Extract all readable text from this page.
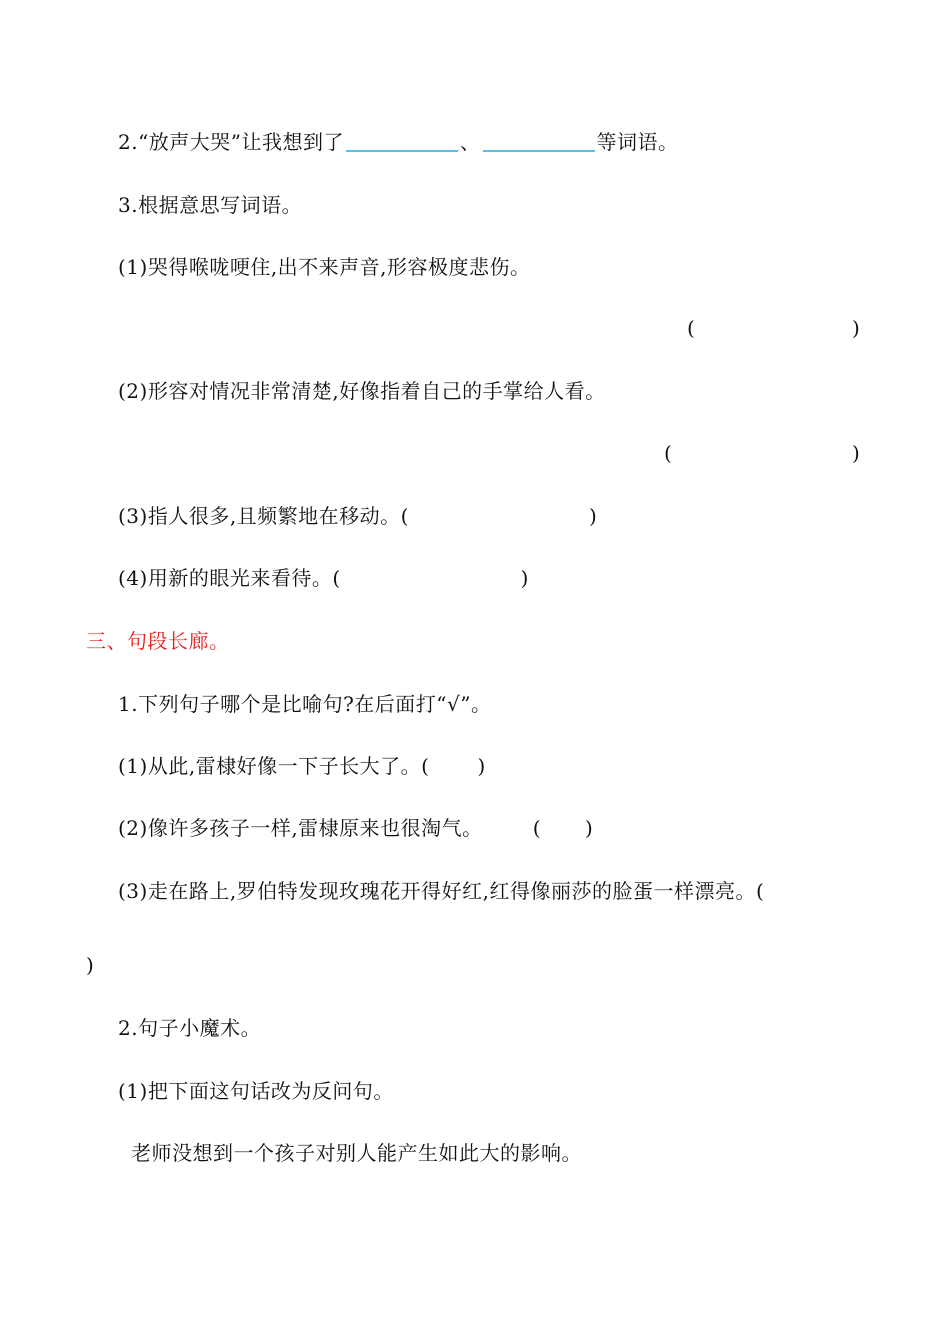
2.“放声大哭”让我想到了	、	等词语。
3.根据意思写词语。
(1)哭得喉咙哽住,出不来声音,形容极度悲伤。
(	)
(2)形容对情况非常清楚,好像指着自己的手掌给人看。
(	)
(3)指人很多,且频繁地在移动。(	)
(4)用新的眼光来看待。(	)
三、句段长廊。
1.下列句子哪个是比喻句?在后面打“√”。
(1)从此,雷棣好像一下子长大了。( )
(2)像许多孩子一样,雷棣原来也很淘气。	( )
(3)走在路上,罗伯特发现玫瑰花开得好红,红得像丽莎的脸蛋一样漂亮。(
)
2.句子小魔术。
(1)把下面这句话改为反问句。
老师没想到一个孩子对别人能产生如此大的影响。
